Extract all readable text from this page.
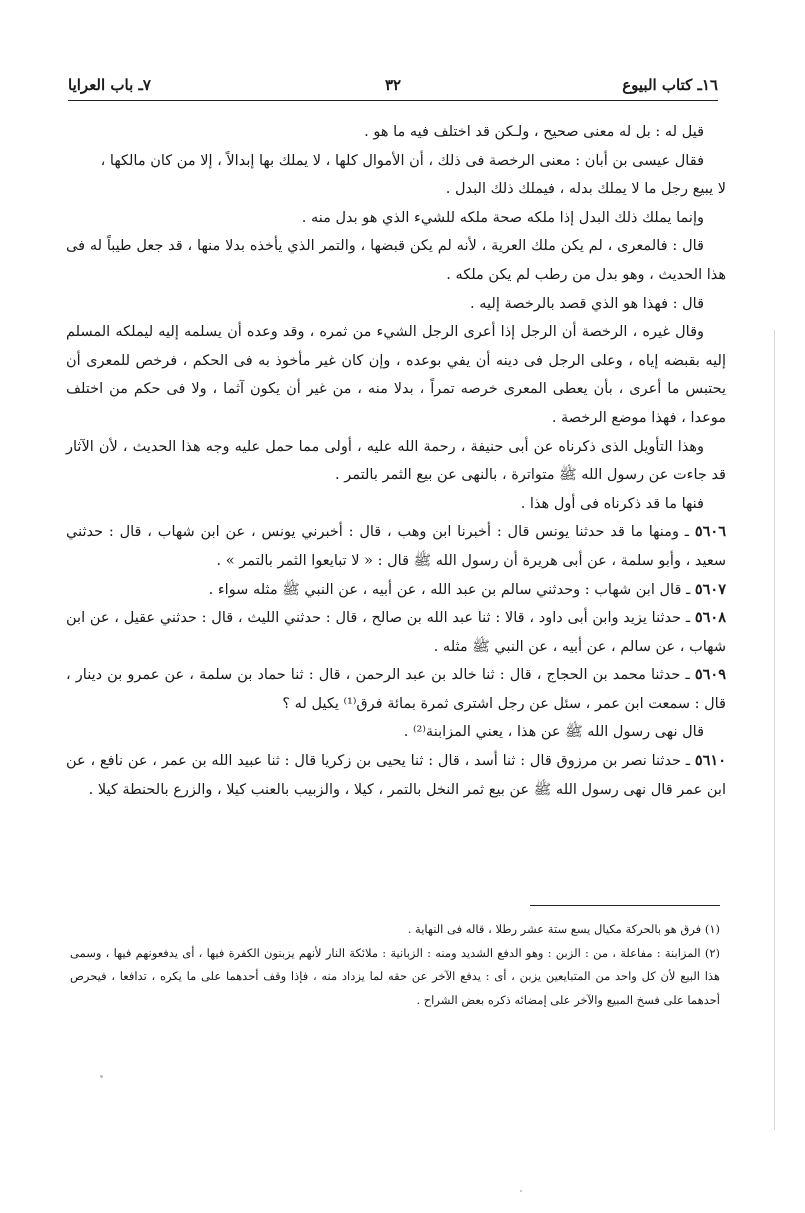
٧ـ باب العرايا	٣٢	١٦ـ كتاب البيوع

قيل له : بل له معنى صحيح ، ولـكن قد اختلف فيه ما هو .

فقال عيسى بن أبان : معنى الرخصة فى ذلك ، أن الأموال كلها ، لا يملك بها إبدالاً ، إلا من كان مالكها ،

لا يبيع رجل ما لا يملك بدله ، فيملك ذلك البدل .

وإنما يملك ذلك البدل إذا ملكه صحة ملكه للشيء الذي هو بدل منه .

قال : فالمعرى ، لم يكن ملك العرية ، لأنه لم يكن قبضها ، والتمر الذي يأخذه بدلا منها ، قد جعل طيباً له فى هذا الحديث ، وهو بدل من رطب لم يكن ملكه .

قال : فهذا هو الذي قصد بالرخصة إليه .

وقال غيره ، الرخصة أن الرجل إذا أعرى الرجل الشيء من ثمره ، وقد وعده أن يسلمه إليه ليملكه المسلم إليه بقبضه إياه ، وعلى الرجل فى دينه أن يفي بوعده ، وإن كان غير مأخوذ به فى الحكم ، فرخص للمعرى أن يحتبس ما أعرى ، بأن يعطى المعرى خرصه تمراً ، بدلا منه ، من غير أن يكون آثما ، ولا فى حكم من اختلف موعدا ، فهذا موضع الرخصة .

وهذا التأويل الذى ذكرناه عن أبى حنيفة ، رحمة الله عليه ، أولى مما حمل عليه وجه هذا الحديث ، لأن الآثار قد جاءت عن رسول الله ﷺ متواترة ، بالنهى عن بيع الثمر بالتمر .

فنها ما قد ذكرناه فى أول هذا .

٥٦٠٦ ـ ومنها ما قد حدثنا يونس قال : أخبرنا ابن وهب ، قال : أخبرني يونس ، عن ابن شهاب ، قال : حدثني سعيد ، وأبو سلمة ، عن أبى هريرة أن رسول الله ﷺ قال : « لا تبايعوا الثمر بالتمر » .

٥٦٠٧ ـ قال ابن شهاب : وحدثني سالم بن عبد الله ، عن أبيه ، عن النبي ﷺ مثله سواء .

٥٦٠٨ ـ حدثنا يزيد وابن أبى داود ، قالا : ثنا عبد الله بن صالح ، قال : حدثني الليث ، قال : حدثني عقيل ، عن ابن شهاب ، عن سالم ، عن أبيه ، عن النبي ﷺ مثله .

٥٦٠٩ ـ حدثنا محمد بن الحجاج ، قال : ثنا خالد بن عبد الرحمن ، قال : ثنا حماد بن سلمة ، عن عمرو بن دينار ، قال : سمعت ابن عمر ، سئل عن رجل اشترى ثمرة بمائة فرق⁽¹⁾ يكيل له ؟

قال نهى رسول الله ﷺ عن هذا ، يعني المزابنة⁽²⁾ .

٥٦١٠ ـ حدثنا نصر بن مرزوق قال : ثنا أسد ، قال : ثنا يحيى بن زكريا قال : ثنا عبيد الله بن عمر ، عن نافع ، عن ابن عمر قال نهى رسول الله ﷺ عن بيع ثمر النخل بالتمر ، كيلا ، والزبيب بالعنب كيلا ، والزرع بالحنطة كيلا .

(١) فرق هو بالحركة مكيال يسع ستة عشر رطلا ، قاله فى النهاية .

(٢) المزابنة : مفاعلة ، من : الزبن : وهو الدفع الشديد ومنه : الزبانية : ملائكة النار لأنهم يزبنون الكفرة فيها ، أى يدفعونهم فيها ، وسمى هذا البيع لأن كل واحد من المتبايعين يزبن ، أى : يدفع الآخر عن حقه لما يزداد منه ، فإذا وقف أحدهما على ما يكره ، تدافعا ، فيحرص أحدهما على فسخ المبيع والآخر على إمضائه ذكره بعض الشراح .
